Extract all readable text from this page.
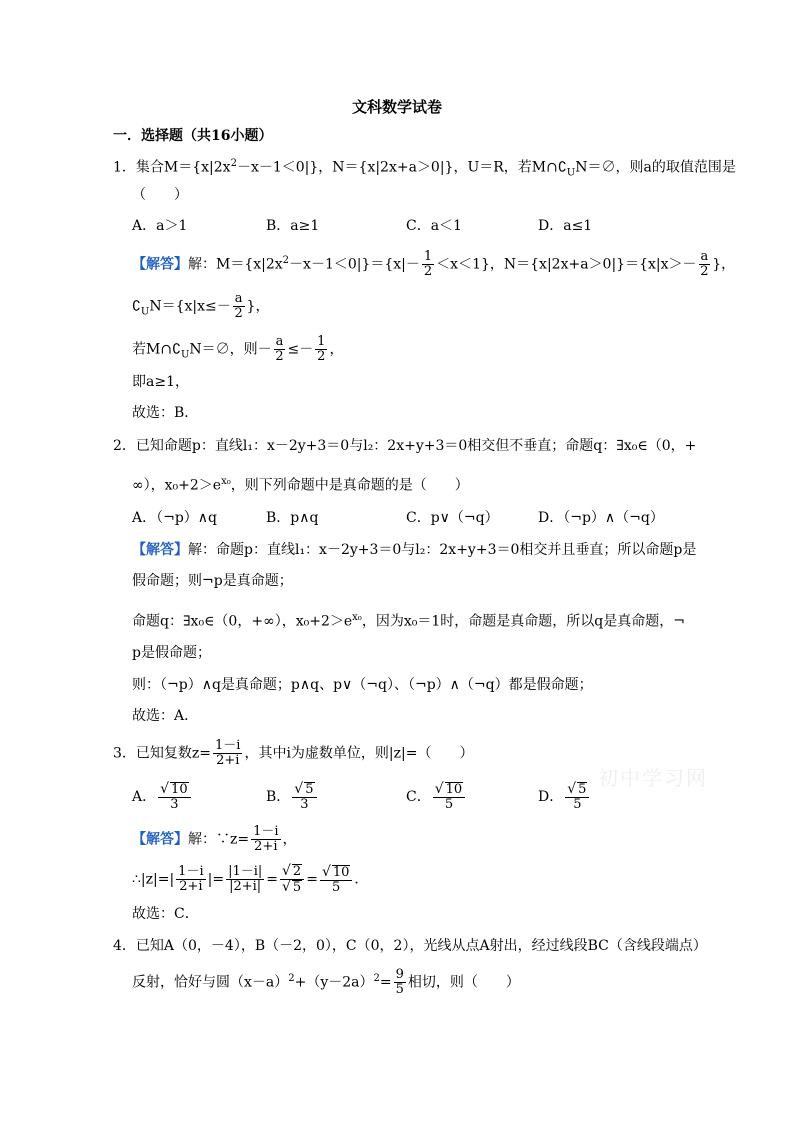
文科数学试卷
一．选择题（共16小题）
1．集合$M=\{x|2x^2-x-1<0|\}$，N＝{x|2x+a＞0|}，U＝R，若$M\cap∁_UN=\emptyset$，则a的取值范围是
（　　）
A．a＞1	B．a≥1	C．a＜1	D．a≤1
【解答】解：$M=\{x|2x^2-x-1<0|\}=\{x|- \frac{1}{2} <x<1\}$，$N=\{x|2x+a>0|\}=\{x|x>- \frac{a}{2}$ }，
$∁_UN=\{x|x\le- \frac{a}{2}$ }，
若$M\cap∁_UN=\emptyset$，则－ $\frac{a}{2} \le- \frac{1}{2}$ ，
即a≥1，
故选：B．
2．已知命题p：直线l₁：x－2y+3＝0与l₂：2x+y+3＝0相交但不垂直；命题q：∃x₀∈（0，+
∞），$x_0+2>e^{x_0}$，则下列命题中是真命题的是（　　）
A．（¬p）∧q	B．p∧q	C．p∨（¬q）	D．（¬p）∧（¬q）
【解答】解：命题p：直线l₁：x－2y+3＝0与l₂：2x+y+3＝0相交并且垂直；所以命题p是
假命题；则¬p是真命题；
命题q：∃x₀∈（0，+∞），$x_0+2>e^{x_0}$，因为x₀＝1时，命题是真命题，所以q是真命题，¬
p是假命题；
则：（¬p）∧q是真命题；p∧q、p∨（¬q）、（¬p）∧（¬q）都是假命题；
故选：A．
3．已知复数$z= \frac{1-i}{2+i}$ ，其中i为虚数单位，则|z|=（　　）
A． $\frac{√ 10}{3}$	B． $\frac{√ 5}{3}$	C． $\frac{√ 10}{5}$	D． $\frac{√ 5}{5}$
初中学习网
【解答】解：∵z= $\frac{1-i}{2+i}$ ，
∴|z|=| $\frac{1-i}{2+i}$ |= $\frac{|1-i|}{|2+i|} = \frac{√ 2}{√ 5} = \frac{√ 10}{5}$ ．
故选：C．
4．已知A（0，－4），B（－2，0），C（0，2），光线从点A射出，经过线段BC（含线段端点）
反射，恰好与圆$(x-a)^2+(y-2a)^2= \frac{9}{5}$ 相切，则（　　）
